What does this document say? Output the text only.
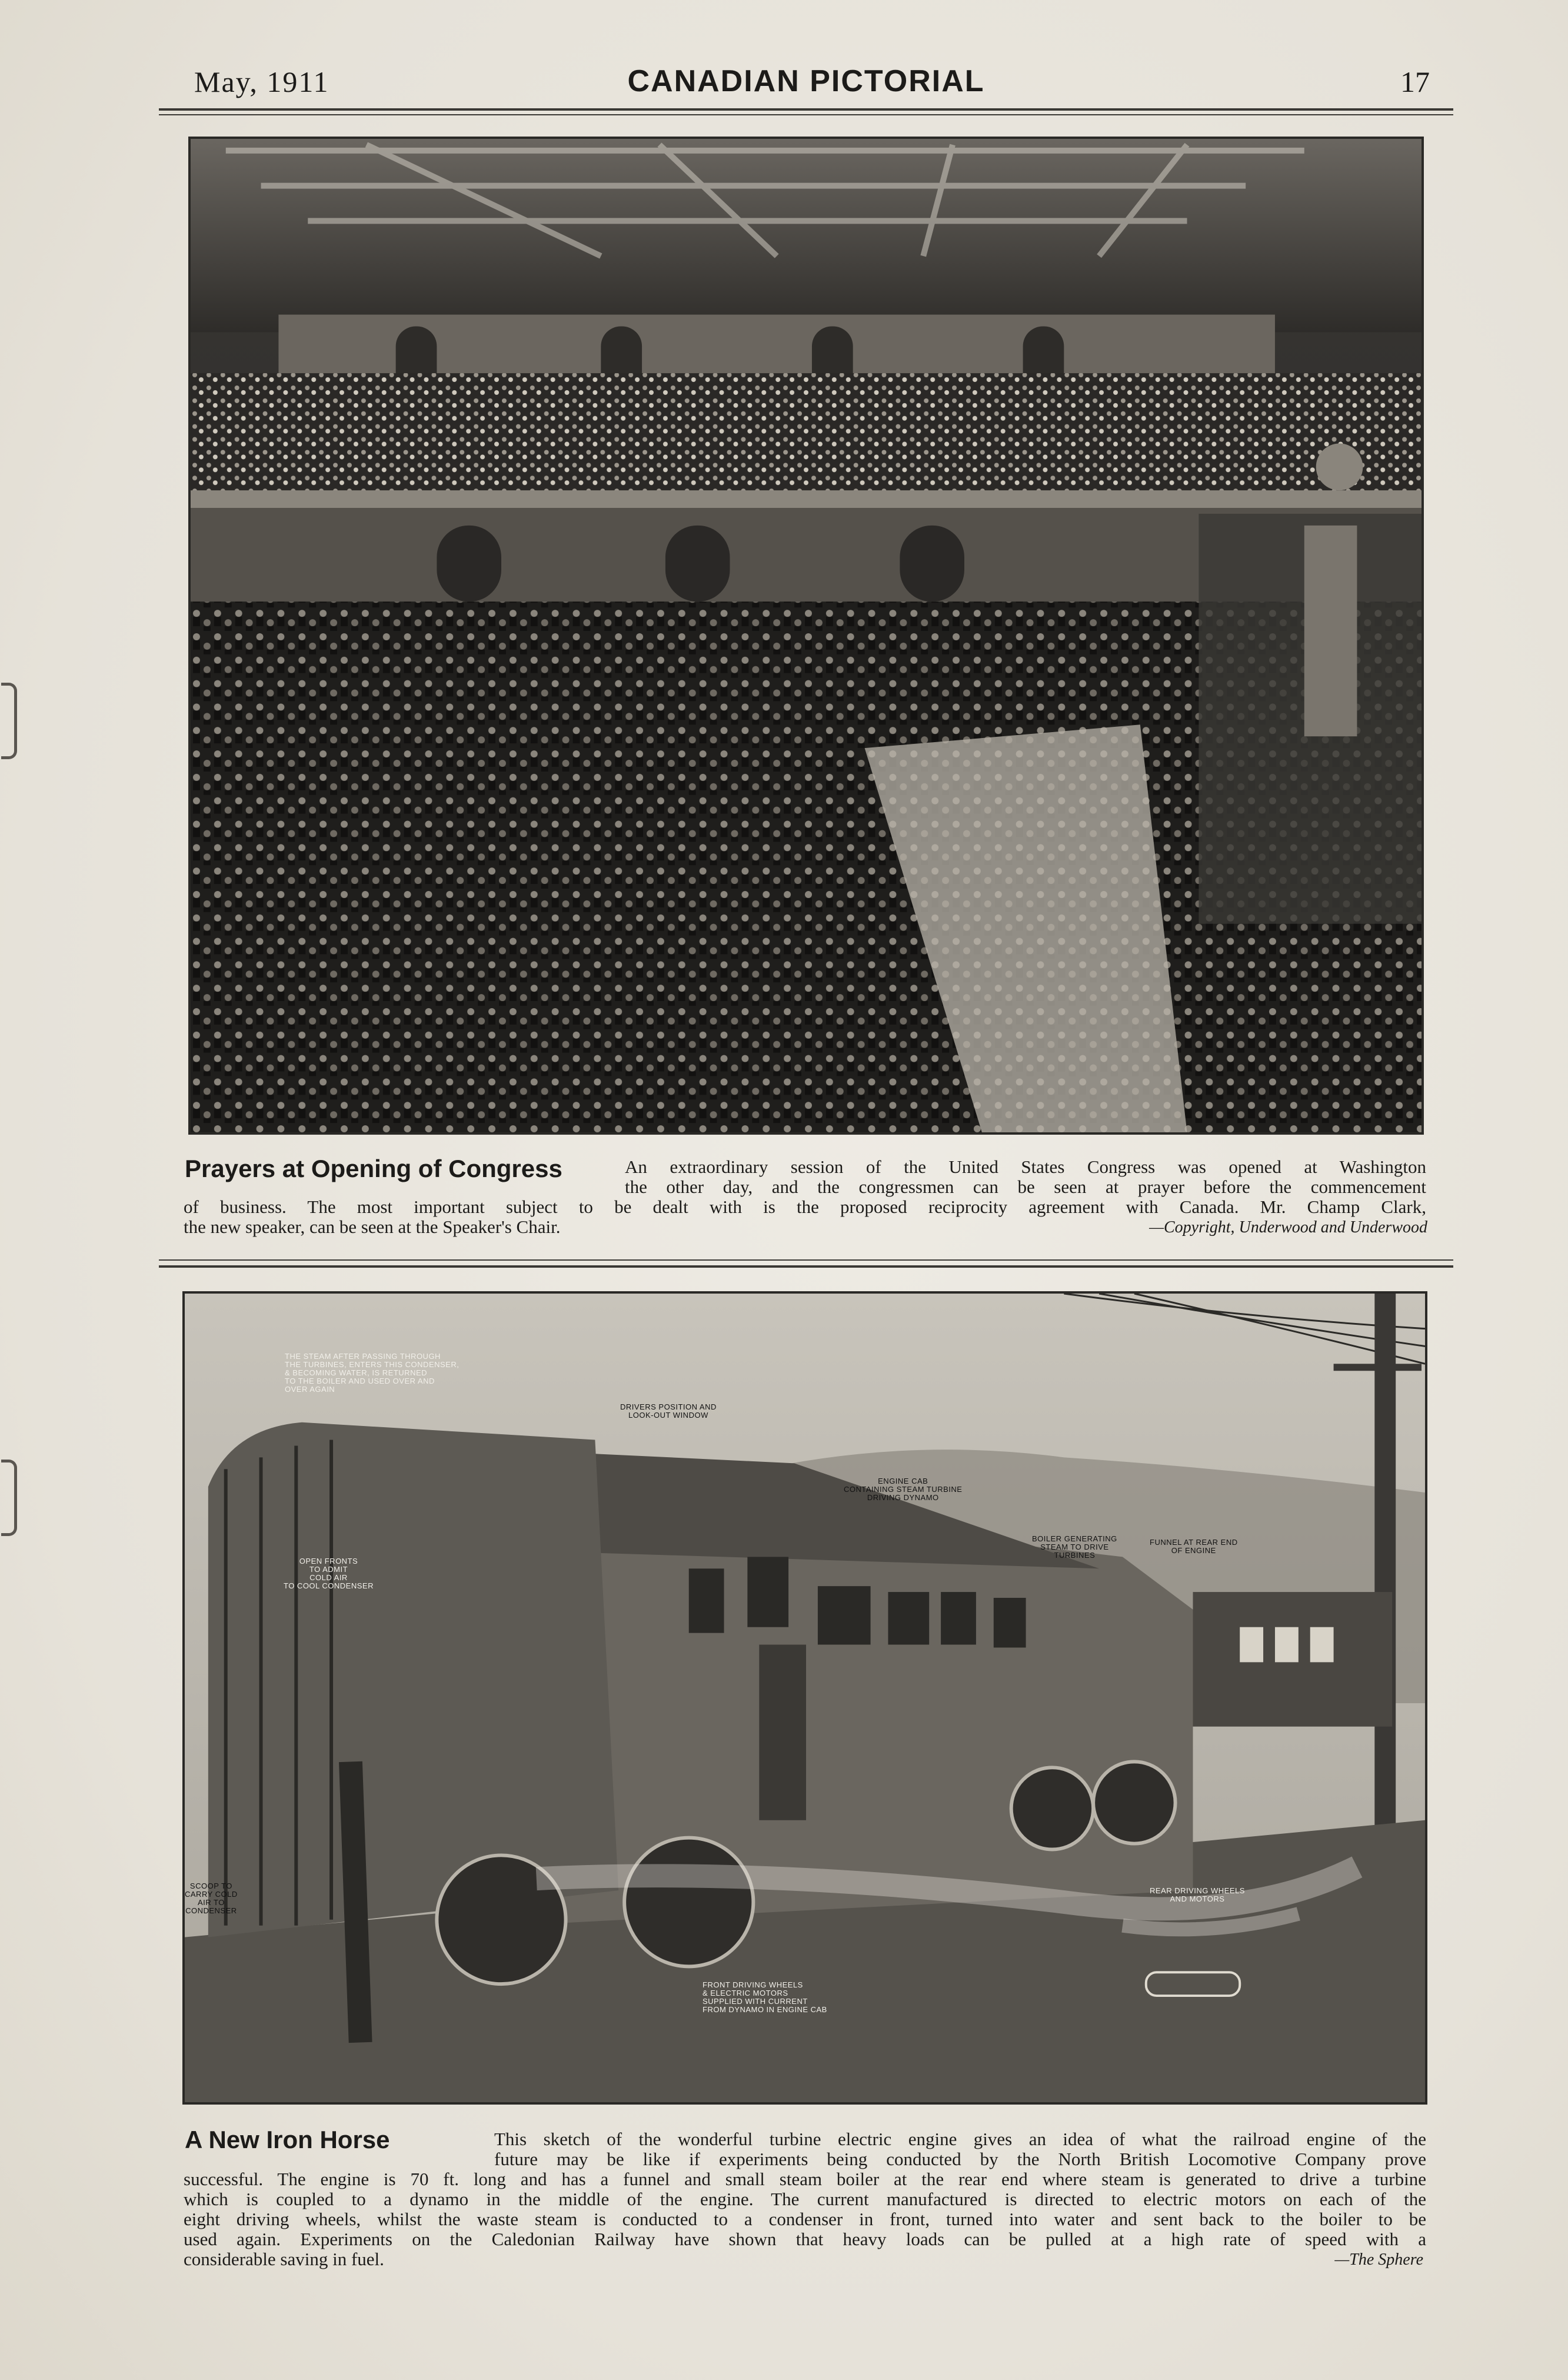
May, 1911	CANADIAN PICTORIAL	17
Prayers at Opening of Congress	An extraordinary session of the United States Congress was opened at Washington
the other day, and the congressmen can be seen at prayer before the commencement
of business. The most important subject to be dealt with is the proposed reciprocity agreement with Canada. Mr. Champ Clark,
the new speaker, can be seen at the Speaker's Chair.	—Copyright, Underwood and Underwood
THE STEAM AFTER PASSING THROUGH
THE TURBINES, ENTERS THIS CONDENSER,
& BECOMING WATER, IS RETURNED
TO THE BOILER AND USED OVER AND
OVER AGAIN
DRIVERS POSITION AND
LOOK-OUT WINDOW
ENGINE CAB
CONTAINING STEAM TURBINE
DRIVING DYNAMO
BOILER GENERATING
STEAM TO DRIVE
TURBINES
FUNNEL AT REAR END
OF ENGINE
OPEN FRONTS
TO ADMIT
COLD AIR
TO COOL CONDENSER
SCOOP TO
CARRY COLD
AIR TO
CONDENSER
REAR DRIVING WHEELS
AND MOTORS
FRONT DRIVING WHEELS
& ELECTRIC MOTORS
SUPPLIED WITH CURRENT
FROM DYNAMO IN ENGINE CAB
A New Iron Horse	This sketch of the wonderful turbine electric engine gives an idea of what the railroad engine of the
future may be like if experiments being conducted by the North British Locomotive Company prove
successful. The engine is 70 ft. long and has a funnel and small steam boiler at the rear end where steam is generated to drive a turbine
which is coupled to a dynamo in the middle of the engine. The current manufactured is directed to electric motors on each of the
eight driving wheels, whilst the waste steam is conducted to a condenser in front, turned into water and sent back to the boiler to be
used again. Experiments on the Caledonian Railway have shown that heavy loads can be pulled at a high rate of speed with a
considerable saving in fuel.	—The Sphere
